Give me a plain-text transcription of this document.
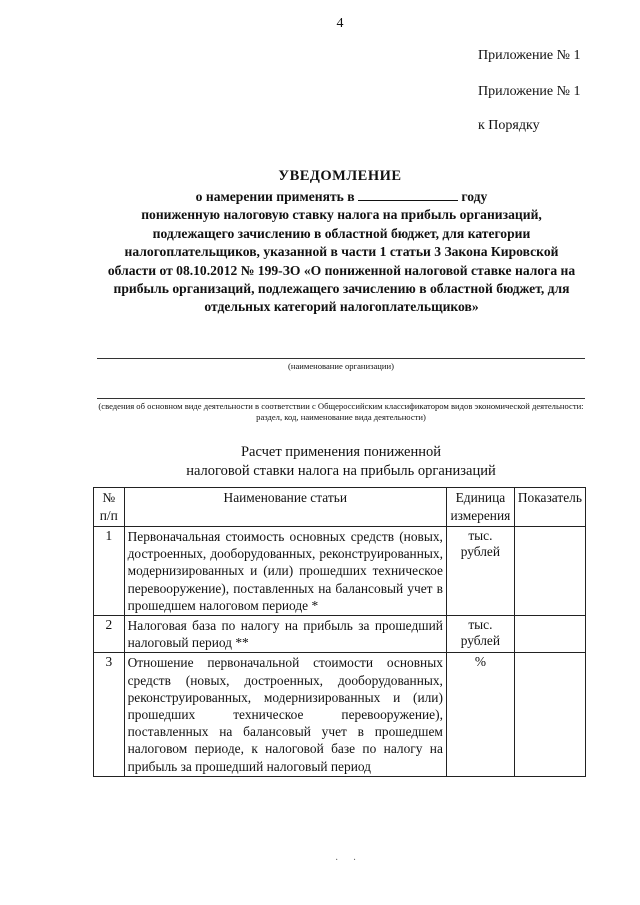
4
Приложение № 1
Приложение № 1
к Порядку
УВЕДОМЛЕНИЕ
о намерении применять в	году
пониженную налоговую ставку налога на прибыль организаций, подлежащего зачислению в областной бюджет, для категории налогоплательщиков, указанной в части 1 статьи 3 Закона Кировской области от 08.10.2012 № 199-ЗО «О пониженной налоговой ставке налога на прибыль организаций, подлежащего зачислению в областной бюджет, для отдельных категорий налогоплательщиков»
(наименование организации)
(сведения об основном виде деятельности в соответствии с Общероссийским классификатором видов экономической деятельности: раздел, код, наименование вида деятельности)
Расчет применения пониженной
налоговой ставки налога на прибыль организаций
№ п/п	Наименование статьи	Единица измерения	Показатель
1	Первоначальная стоимость основных средств (новых, достроенных, дооборудованных, реконструированных, модернизированных и (или) прошедших техническое перевооружение), поставленных на балансовый учет в прошедшем налоговом периоде *	тыс. рублей	
2	Налоговая база по налогу на прибыль за прошедший налоговый период **	тыс. рублей	
3	Отношение первоначальной стоимости основных средств (новых, достроенных, дооборудованных, реконструированных, модернизированных и (или) прошедших техническое перевооружение), поставленных на балансовый учет в прошедшем налоговом периоде, к налоговой базе по налогу на прибыль за прошедший налоговый период	%	
· ·
